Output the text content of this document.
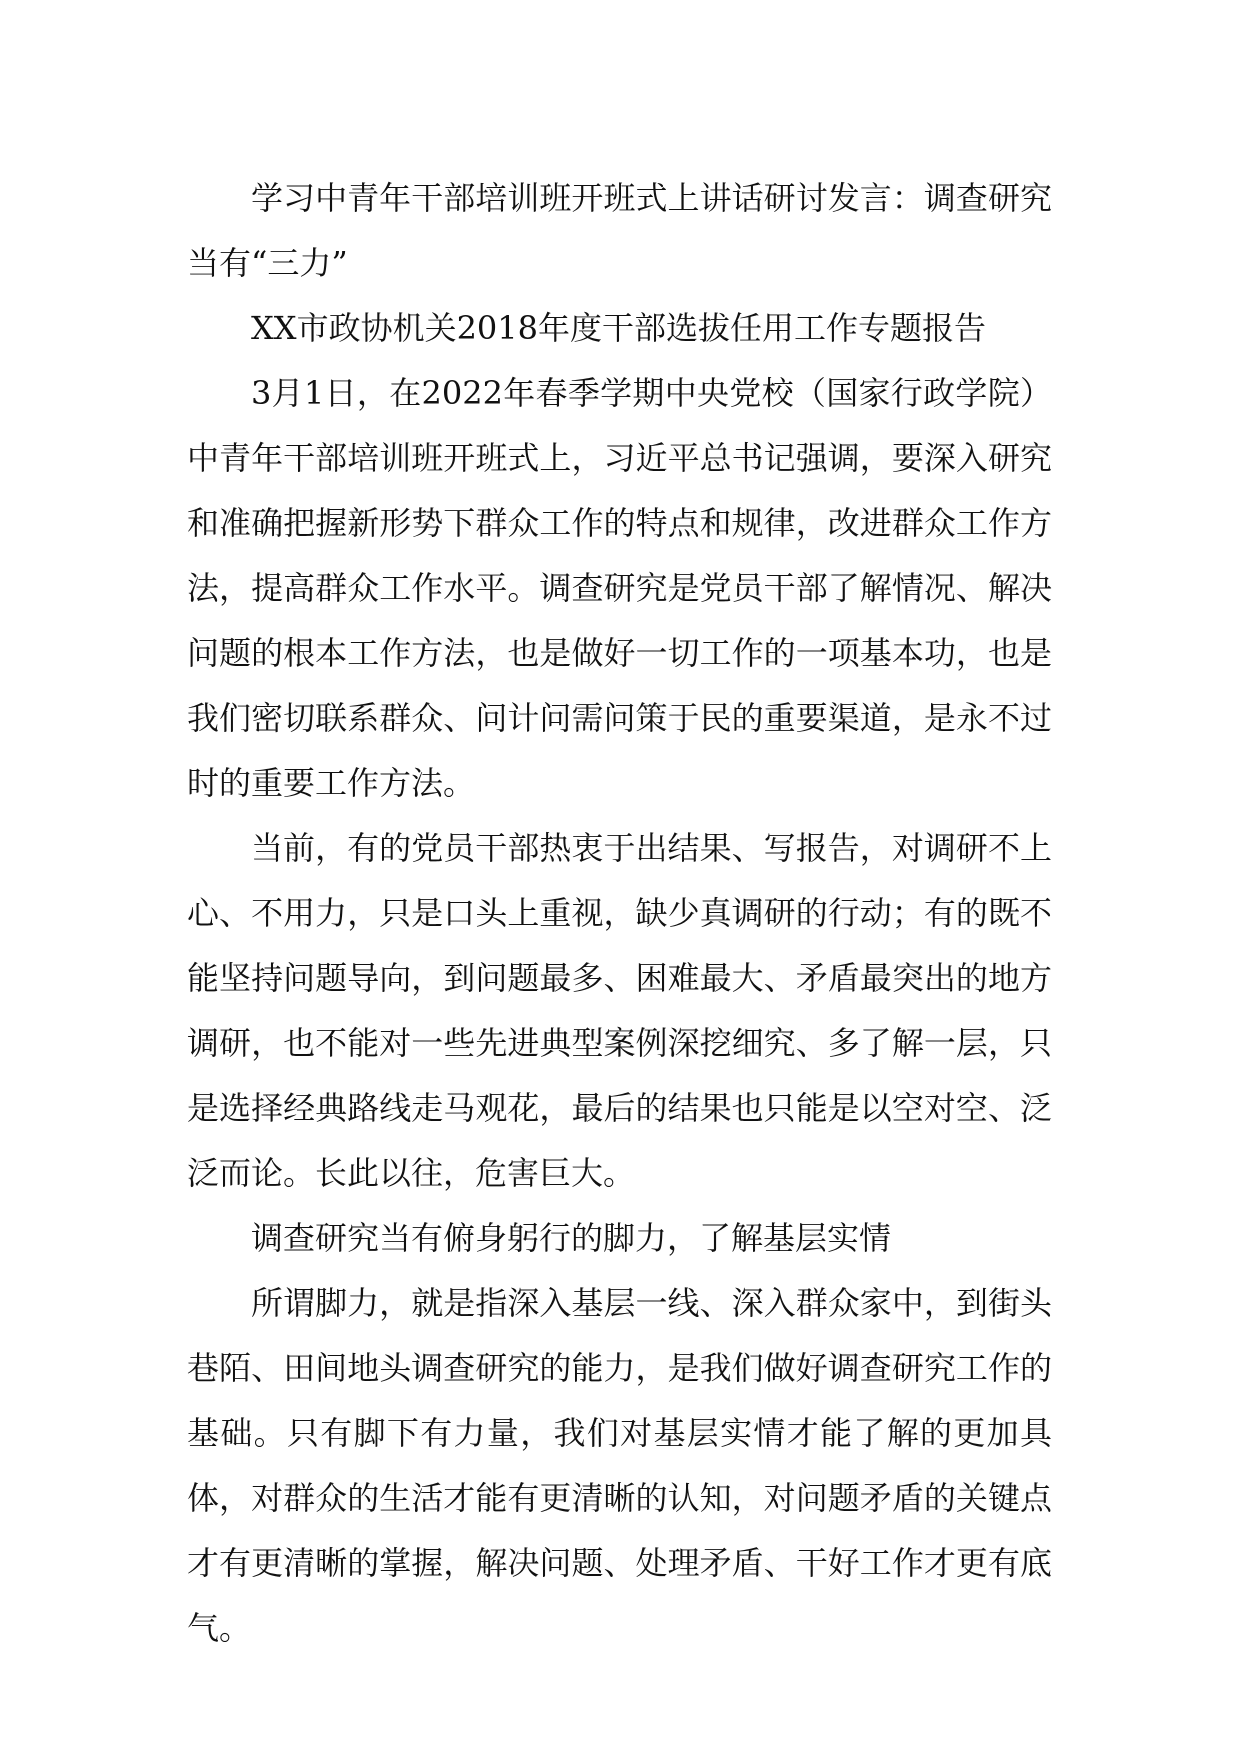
学习中青年干部培训班开班式上讲话研讨发言：调查研究当有“三力”

XX市政协机关2018年度干部选拔任用工作专题报告

3月1日，在2022年春季学期中央党校（国家行政学院）中青年干部培训班开班式上，习近平总书记强调，要深入研究和准确把握新形势下群众工作的特点和规律，改进群众工作方法，提高群众工作水平。调查研究是党员干部了解情况、解决问题的根本工作方法，也是做好一切工作的一项基本功，也是我们密切联系群众、问计问需问策于民的重要渠道，是永不过时的重要工作方法。

当前，有的党员干部热衷于出结果、写报告，对调研不上心、不用力，只是口头上重视，缺少真调研的行动；有的既不能坚持问题导向，到问题最多、困难最大、矛盾最突出的地方调研，也不能对一些先进典型案例深挖细究、多了解一层，只是选择经典路线走马观花，最后的结果也只能是以空对空、泛泛而论。长此以往，危害巨大。

调查研究当有俯身躬行的脚力，了解基层实情

所谓脚力，就是指深入基层一线、深入群众家中，到街头巷陌、田间地头调查研究的能力，是我们做好调查研究工作的基础。只有脚下有力量，我们对基层实情才能了解的更加具体，对群众的生活才能有更清晰的认知，对问题矛盾的关键点才有更清晰的掌握，解决问题、处理矛盾、干好工作才更有底气。
